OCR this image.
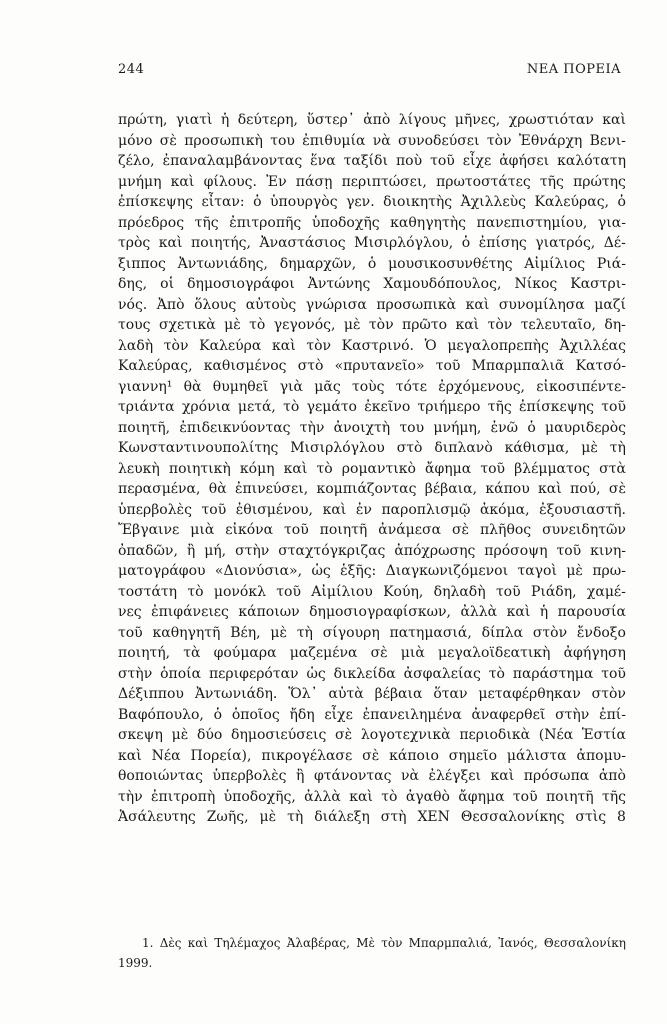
244	ΝΕΑ ΠΟΡΕΙΑ
πρώτη, γιατὶ ἡ δεύτερη, ὕστερ᾽ ἀπὸ λίγους μῆνες, χρωστιόταν καὶ
μόνο σὲ προσωπικὴ του ἐπιθυμία νὰ συνοδεύσει τὸν Ἐθνάρχη Βενι-
ζέλο, ἐπαναλαμβάνοντας ἕνα ταξίδι ποὺ τοῦ εἶχε ἀφήσει καλότατη
μνήμη καὶ φίλους. Ἐν πάσῃ περιπτώσει, πρωτοστάτες τῆς πρώτης
ἐπίσκεψης εἶταν: ὁ ὑπουργὸς γεν. διοικητὴς Ἀχιλλεὺς Καλεύρας, ὁ
πρόεδρος τῆς ἐπιτροπῆς ὑποδοχῆς καθηγητὴς πανεπιστημίου, για-
τρὸς καὶ ποιητής, Ἀναστάσιος Μισιρλόγλου, ὁ ἐπίσης γιατρός, Δέ-
ξιππος Ἀντωνιάδης, δημαρχῶν, ὁ μουσικοσυνθέτης Αἰμίλιος Ριά-
δης, οἱ δημοσιογράφοι Ἀντώνης Χαμουδόπουλος, Νίκος Καστρι-
νός. Ἀπὸ ὅλους αὐτοὺς γνώρισα προσωπικὰ καὶ συνομίλησα μαζί
τους σχετικὰ μὲ τὸ γεγονός, μὲ τὸν πρῶτο καὶ τὸν τελευταῖο, δη-
λαδὴ τὸν Καλεύρα καὶ τὸν Καστρινό. Ὁ μεγαλοπρεπὴς Ἀχιλλέας
Καλεύρας, καθισμένος στὸ «πρυτανεῖο» τοῦ Μπαρμπαλιᾶ Κατσό-
γιαννη¹ θὰ θυμηθεῖ γιὰ μᾶς τοὺς τότε ἐρχόμενους, εἰκοσιπέντε-
τριάντα χρόνια μετά, τὸ γεμάτο ἐκεῖνο τριήμερο τῆς ἐπίσκεψης τοῦ
ποιητῆ, ἐπιδεικνύοντας τὴν ἀνοιχτὴ του μνήμη, ἐνῶ ὁ μαυριδερὸς
Κωνσταντινουπολίτης Μισιρλόγλου στὸ διπλανὸ κάθισμα, μὲ τὴ
λευκὴ ποιητικὴ κόμη καὶ τὸ ρομαντικὸ ἄφημα τοῦ βλέμματος στὰ
περασμένα, θὰ ἐπινεύσει, κομπιάζοντας βέβαια, κάπου καὶ πού, σὲ
ὑπερβολὲς τοῦ ἐθισμένου, καὶ ἐν παροπλισμῷ ἀκόμα, ἐξουσιαστῆ.
Ἔβγαινε μιὰ εἰκόνα τοῦ ποιητῆ ἀνάμεσα σὲ πλῆθος συνειδητῶν
ὀπαδῶν, ἢ μή, στὴν σταχτόγκριζας ἀπόχρωσης πρόσοψη τοῦ κινη-
ματογράφου «Διονύσια», ὡς ἑξῆς: Διαγκωνιζόμενοι ταγοὶ μὲ πρω-
τοστάτη τὸ μονόκλ τοῦ Αἰμίλιου Κούη, δηλαδὴ τοῦ Ριάδη, χαμέ-
νες ἐπιφάνειες κάποιων δημοσιογραφίσκων, ἀλλὰ καὶ ἡ παρουσία
τοῦ καθηγητῆ Βέη, μὲ τὴ σίγουρη πατημασιά, δίπλα στὸν ἔνδοξο
ποιητή, τὰ φούμαρα μαζεμένα σὲ μιὰ μεγαλοϊδεατικὴ ἀφήγηση
στὴν ὁποία περιφερόταν ὡς δικλείδα ἀσφαλείας τὸ παράστημα τοῦ
Δέξιππου Ἀντωνιάδη. Ὅλ᾽ αὐτὰ βέβαια ὅταν μεταφέρθηκαν στὸν
Βαφόπουλο, ὁ ὁποῖος ἤδη εἶχε ἐπανειλημένα ἀναφερθεῖ στὴν ἐπί-
σκεψη μὲ δύο δημοσιεύσεις σὲ λογοτεχνικὰ περιοδικὰ (Νέα Ἑστία
καὶ Νέα Πορεία), πικρογέλασε σὲ κάποιο σημεῖο μάλιστα ἀπομυ-
θοποιώντας ὑπερβολὲς ἢ φτάνοντας νὰ ἐλέγξει καὶ πρόσωπα ἀπὸ
τὴν ἐπιτροπὴ ὑποδοχῆς, ἀλλὰ καὶ τὸ ἀγαθὸ ἄφημα τοῦ ποιητῆ τῆς
Ἀσάλευτης Ζωῆς, μὲ τὴ διάλεξη στὴ ΧΕΝ Θεσσαλονίκης στὶς 8
1. Δὲς καὶ Τηλέμαχος Ἀλαβέρας, Μὲ τὸν Μπαρμπαλιά, Ἰανός, Θεσσαλονίκη
1999.
